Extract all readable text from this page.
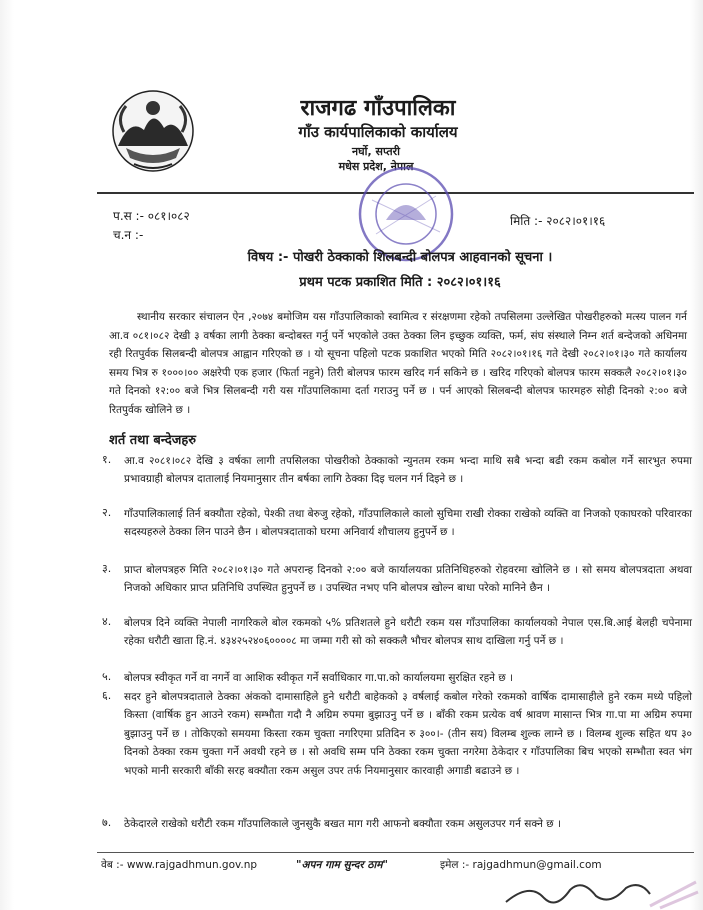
राजगढ गाँउपालिका
गाँउ कार्यपालिकाको कार्यालय
नर्घो, सप्तरी
मधेस प्रदेश, नेपाल
प.स :- ०८१।०८२
च.न :-
मिति :- २०८२।०१।१६
विषय :- पोखरी ठेक्काको शिलबन्दी बोलपत्र आहवानको सूचना ।
प्रथम पटक प्रकाशित मिति : २०८२।०१।१६

स्थानीय सरकार संचालन ऐन ,२०७४ बमोजिम यस गाँउपालिकाको स्वामित्व र संरक्षणमा रहेको तपसिलमा उल्लेखित पोखरीहरुको मत्स्य पालन गर्न आ.व ०८१।०८२ देखी ३ वर्षका लागी ठेक्का बन्दोबस्त गर्नु पर्ने भएकोले उक्त ठेक्का लिन इच्छुक व्यक्ति, फर्म, संघ संस्थाले निम्न शर्त बन्देजको अधिनमा रही रितपुर्वक सिलबन्दी बोलपत्र आह्वान गरिएको छ । यो सूचना पहिलो पटक प्रकाशित भएको मिति २०८२।०१।१६ गते देखी २०८२।०१।३० गते कार्यालय समय भित्र रु १०००।०० अक्षरेपी एक हजार (फिर्ता नहुने) तिरी बोलपत्र फारम खरिद गर्न सकिने छ । खरिद गरिएको बोलपत्र फारम सक्कलै २०८२।०१।३० गते दिनको १२:०० बजे भित्र सिलबन्दी गरी यस गाँउपालिकामा दर्ता गराउनु पर्ने छ । पर्न आएको सिलबन्दी बोलपत्र फारमहरु सोही दिनको २:०० बजे रितपुर्वक खोलिने छ ।

शर्त तथा बन्देजहरु
१. आ.व २०८१।०८२ देखि ३ वर्षका लागी तपसिलका पोखरीको ठेक्काको न्युनतम रकम भन्दा माथि सबै भन्दा बढी रकम कबोल गर्ने सारभुत रुपमा प्रभावग्राही बोलपत्र दातालाई नियमानुसार तीन बर्षका लागि ठेक्का दिइ चलन गर्न दिइने छ ।

२. गाँउपालिकालाई तिर्न बक्यौता रहेको, पेश्की तथा बेरुजु रहेको, गाँउपालिकाले कालो सुचिमा राखी रोक्का राखेको व्यक्ति वा निजको एकाघरको परिवारका सदस्यहरुले ठेक्का लिन पाउने छैन । बोलपत्रदाताको घरमा अनिवार्य शौचालय हुनुपर्ने छ ।

३. प्राप्त बोलपत्रहरु मिति २०८२।०१।३० गते अपरान्ह दिनको २:०० बजे कार्यालयका प्रतिनिधिहरुको रोहवरमा खोलिने छ । सो समय बोलपत्रदाता अथवा निजको अधिकार प्राप्त प्रतिनिधि उपस्थित हुनुपर्ने छ । उपस्थित नभए पनि बोलपत्र खोल्न बाधा परेको मानिने छैन ।

४. बोलपत्र दिने व्यक्ति नेपाली नागरिकले बोल रकमको ५% प्रतिशतले हुने धरौटी रकम यस गाँउपालिका कार्यालयको नेपाल एस.बि.आई बेलही चपेनामा रहेका धरौटी खाता हि.नं. ४३४२५२४०६००००८ मा जम्मा गरी सो को सक्कलै भौचर बोलपत्र साथ दाखिला गर्नु पर्ने छ ।

५. बोलपत्र स्वीकृत गर्ने वा नगर्ने वा आशिक स्वीकृत गर्ने सर्वाधिकार गा.पा.को कार्यालयमा सुरक्षित रहने छ ।

६. सदर हुने बोलपत्रदाताले ठेक्का अंकको दामासाहिले हुने धरौटी बाहेकको ३ वर्षलाई कबोल गरेको रकमको वार्षिक दामासाहीले हुने रकम मध्ये पहिलो किस्ता (वार्षिक हुन आउने रकम) सम्भौता गदौ नै अग्रिम रुपमा बुझाउनु पर्ने छ । बाँकी रकम प्रत्येक वर्ष श्रावण मासान्त भित्र गा.पा मा अग्रिम रुपमा बुझाउनु पर्ने छ । तोकिएको समयमा किस्ता रकम चुक्ता नगरिएमा प्रतिदिन रु ३००।- (तीन सय) विलम्ब शुल्क लाग्ने छ । विलम्ब शुल्क सहित थप ३० दिनको ठेक्का रकम चुक्ता गर्ने अवधी रहने छ । सो अवधि सम्म पनि ठेक्का रकम चुक्ता नगरेमा ठेकेदार र गाँउपालिका बिच भएको सम्भौता स्वत भंग भएको मानी सरकारी बाँकी सरह बक्यौता रकम असुल उपर तर्फ नियमानुसार कारवाही अगाडी बढाउने छ ।

७. ठेकेदारले राखेको धरौटी रकम गाँउपालिकाले जुनसुकै बखत माग गरी आफनो बक्यौता रकम असुलउपर गर्न सक्ने छ ।

वेब :- www.rajgadhmun.gov.np	"अपन गाम सुन्दर ठाम"	इमेल :- rajgadhmun@gmail.com
